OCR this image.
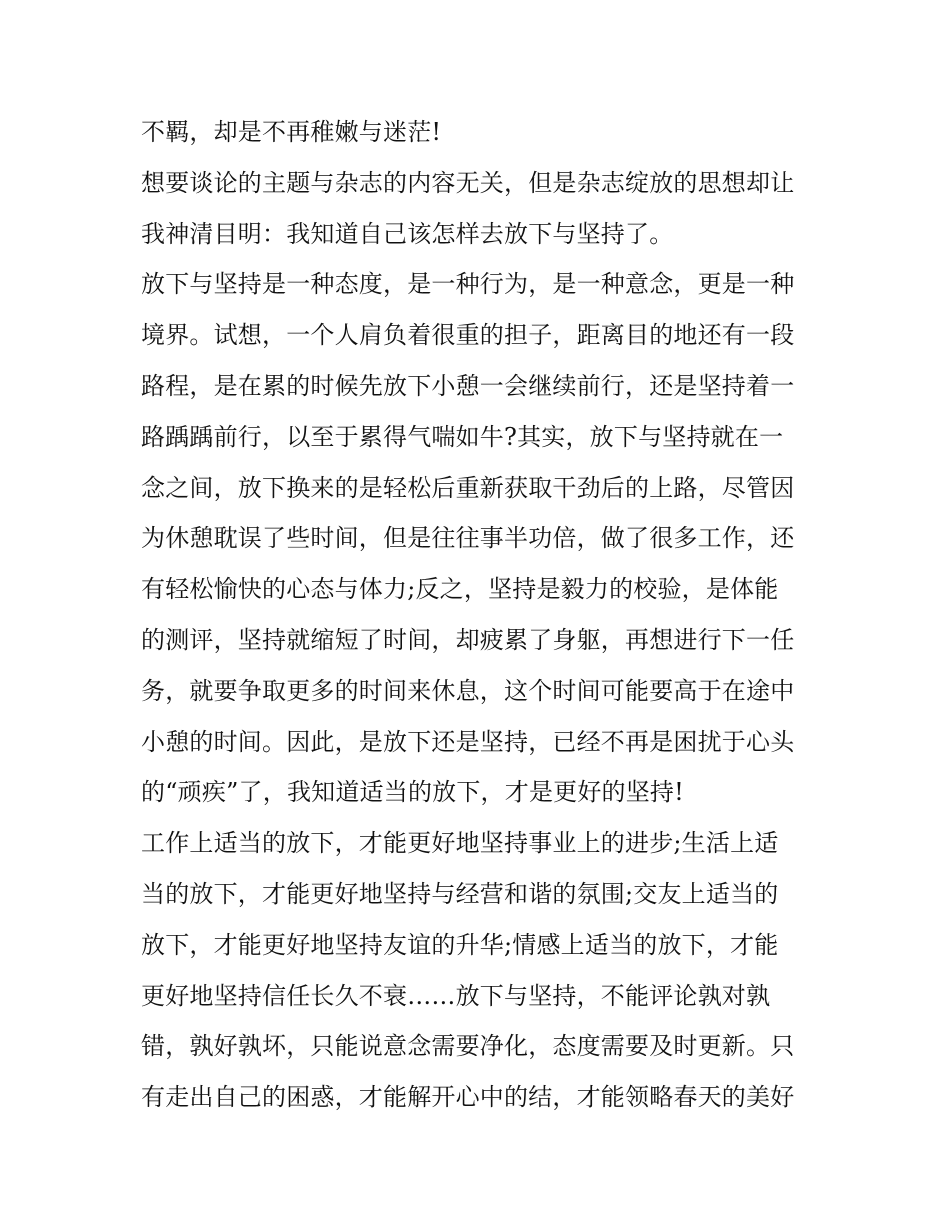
不羁，却是不再稚嫩与迷茫!
想要谈论的主题与杂志的内容无关，但是杂志绽放的思想却让
我神清目明：我知道自己该怎样去放下与坚持了。
放下与坚持是一种态度，是一种行为，是一种意念，更是一种
境界。试想，一个人肩负着很重的担子，距离目的地还有一段
路程，是在累的时候先放下小憩一会继续前行，还是坚持着一
路踽踽前行，以至于累得气喘如牛?其实，放下与坚持就在一
念之间，放下换来的是轻松后重新获取干劲后的上路，尽管因
为休憩耽误了些时间，但是往往事半功倍，做了很多工作，还
有轻松愉快的心态与体力;反之，坚持是毅力的校验，是体能
的测评，坚持就缩短了时间，却疲累了身躯，再想进行下一任
务，就要争取更多的时间来休息，这个时间可能要高于在途中
小憩的时间。因此，是放下还是坚持，已经不再是困扰于心头
的“顽疾”了，我知道适当的放下，才是更好的坚持!
工作上适当的放下，才能更好地坚持事业上的进步;生活上适
当的放下，才能更好地坚持与经营和谐的氛围;交友上适当的
放下，才能更好地坚持友谊的升华;情感上适当的放下，才能
更好地坚持信任长久不衰……放下与坚持，不能评论孰对孰
错，孰好孰坏，只能说意念需要净化，态度需要及时更新。只
有走出自己的困惑，才能解开心中的结，才能领略春天的美好
